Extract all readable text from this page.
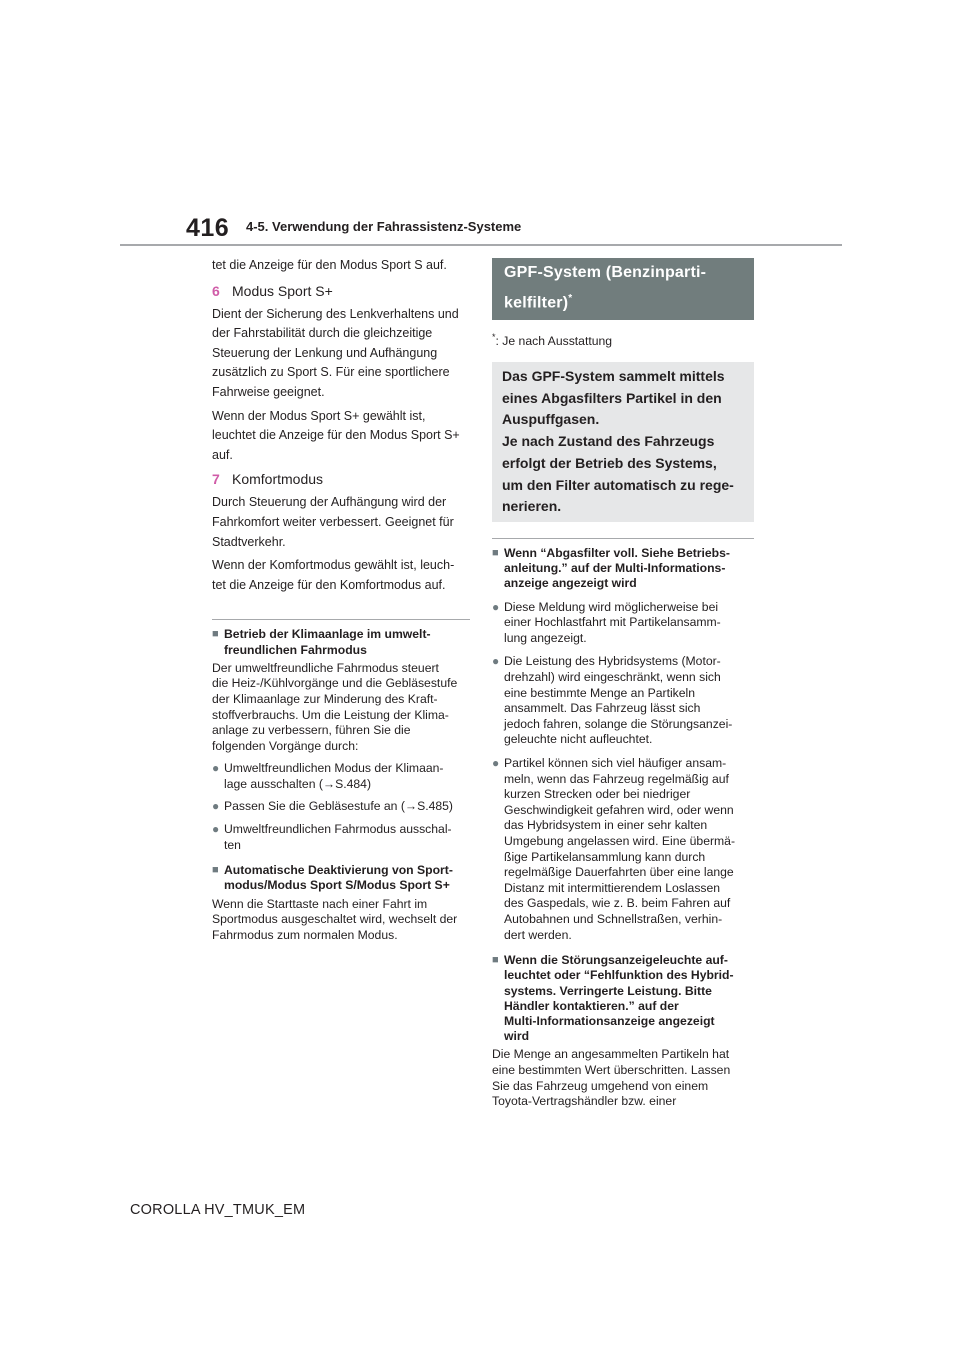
416 4-5. Verwendung der Fahrassistenz-Systeme

tet die Anzeige für den Modus Sport S auf.

6 Modus Sport S+

Dient der Sicherung des Lenkverhaltens und

der Fahrstabilität durch die gleichzeitige

Steuerung der Lenkung und Aufhängung

zusätzlich zu Sport S. Für eine sportlichere

Fahrweise geeignet.

Wenn der Modus Sport S+ gewählt ist,

leuchtet die Anzeige für den Modus Sport S+

auf.

7 Komfortmodus

Durch Steuerung der Aufhängung wird der

Fahrkomfort weiter verbessert. Geeignet für

Stadtverkehr.

Wenn der Komfortmodus gewählt ist, leuch-

tet die Anzeige für den Komfortmodus auf.

■ Betrieb der Klimaanlage im umwelt-
freundlichen Fahrmodus

Der umweltfreundliche Fahrmodus steuert

die Heiz-/Kühlvorgänge und die Gebläsestufe

der Klimaanlage zur Minderung des Kraft-

stoffverbrauchs. Um die Leistung der Klima-

anlage zu verbessern, führen Sie die

folgenden Vorgänge durch:

● Umweltfreundlichen Modus der Klimaan-
lage ausschalten (→S.484)
● Passen Sie die Gebläsestufe an (→S.485)
● Umweltfreundlichen Fahrmodus ausschal-
ten
■ Automatische Deaktivierung von Sport-
modus/Modus Sport S/Modus Sport S+

Wenn die Starttaste nach einer Fahrt im

Sportmodus ausgeschaltet wird, wechselt der

Fahrmodus zum normalen Modus.

GPF-System (Benzinparti-
kelfilter)*

*: Je nach Ausstattung

Das GPF-System sammelt mittels

eines Abgasfilters Partikel in den

Auspuffgasen.

Je nach Zustand des Fahrzeugs

erfolgt der Betrieb des Systems,

um den Filter automatisch zu rege-

nerieren.

■ Wenn “Abgasfilter voll. Siehe Betriebs-
anleitung.” auf der Multi-Informations-
anzeige angezeigt wird
● Diese Meldung wird möglicherweise bei
einer Hochlastfahrt mit Partikelansamm-
lung angezeigt.
● Die Leistung des Hybridsystems (Motor-
drehzahl) wird eingeschränkt, wenn sich
eine bestimmte Menge an Partikeln
ansammelt. Das Fahrzeug lässt sich
jedoch fahren, solange die Störungsanzei-
geleuchte nicht aufleuchtet.
● Partikel können sich viel häufiger ansam-
meln, wenn das Fahrzeug regelmäßig auf
kurzen Strecken oder bei niedriger
Geschwindigkeit gefahren wird, oder wenn
das Hybridsystem in einer sehr kalten
Umgebung angelassen wird. Eine übermä-
ßige Partikelansammlung kann durch
regelmäßige Dauerfahrten über eine lange
Distanz mit intermittierendem Loslassen
des Gaspedals, wie z. B. beim Fahren auf
Autobahnen und Schnellstraßen, verhin-
dert werden.
■ Wenn die Störungsanzeigeleuchte auf-
leuchtet oder “Fehlfunktion des Hybrid-
systems. Verringerte Leistung. Bitte
Händler kontaktieren.” auf der
Multi-Informationsanzeige angezeigt
wird

Die Menge an angesammelten Partikeln hat

eine bestimmten Wert überschritten. Lassen

Sie das Fahrzeug umgehend von einem

Toyota-Vertragshändler bzw. einer

COROLLA HV_TMUK_EM
